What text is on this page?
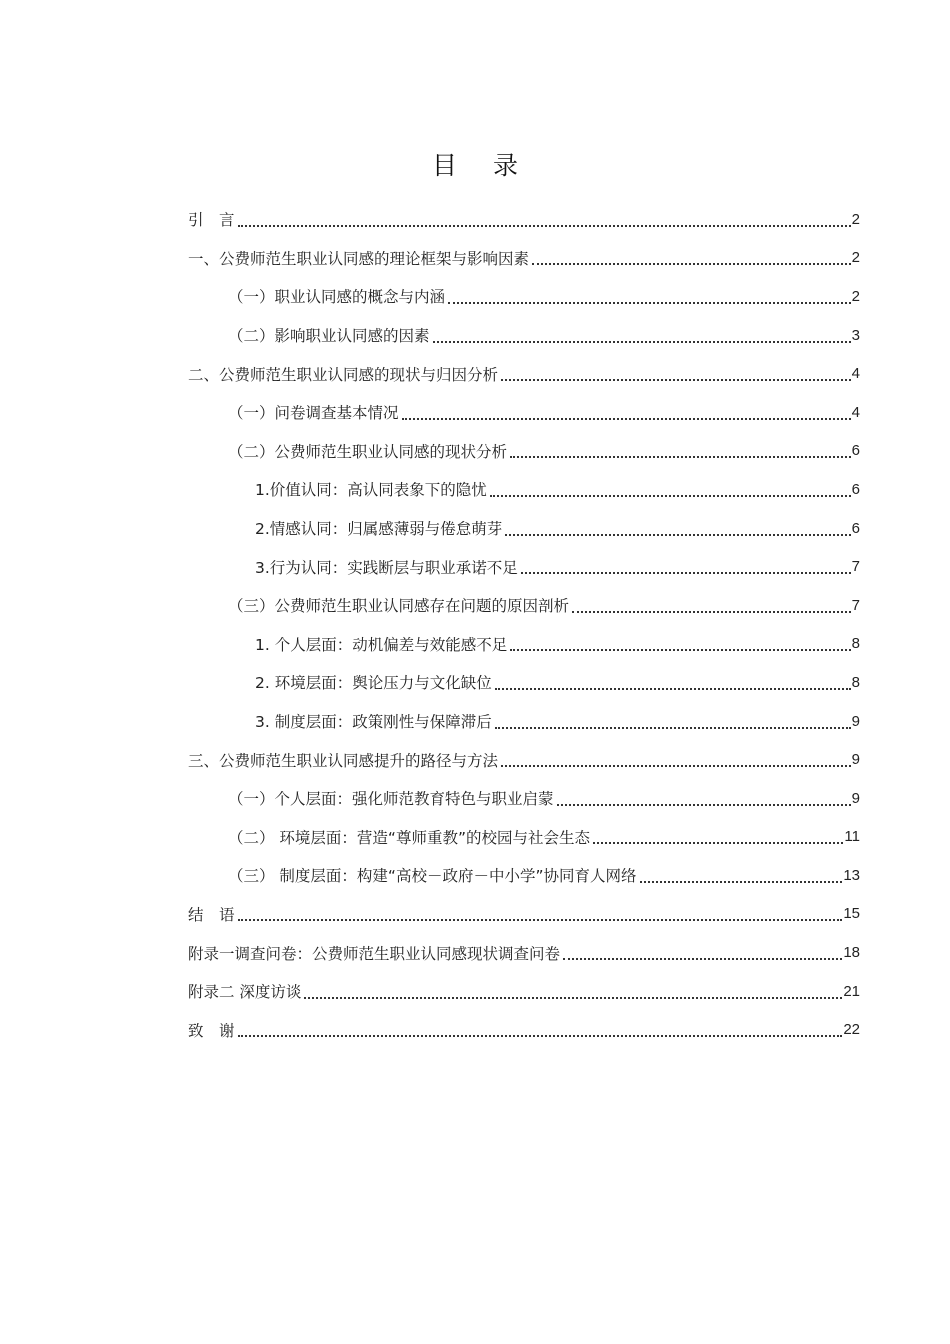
目 录
引　言	2
一、公费师范生职业认同感的理论框架与影响因素	2
（一）职业认同感的概念与内涵	2
（二）影响职业认同感的因素	3
二、公费师范生职业认同感的现状与归因分析	4
（一）问卷调查基本情况	4
（二）公费师范生职业认同感的现状分析	6
1.价值认同：高认同表象下的隐忧	6
2.情感认同：归属感薄弱与倦怠萌芽	6
3.行为认同：实践断层与职业承诺不足	7
（三）公费师范生职业认同感存在问题的原因剖析	7
1. 个人层面：动机偏差与效能感不足	8
2. 环境层面：舆论压力与文化缺位	8
3. 制度层面：政策刚性与保障滞后	9
三、公费师范生职业认同感提升的路径与方法	9
（一）个人层面：强化师范教育特色与职业启蒙	9
（二） 环境层面：营造“尊师重教”的校园与社会生态	11
（三） 制度层面：构建“高校－政府－中小学”协同育人网络	13
结　语	15
附录一调查问卷：公费师范生职业认同感现状调查问卷	18
附录二 深度访谈	21
致　谢	22
